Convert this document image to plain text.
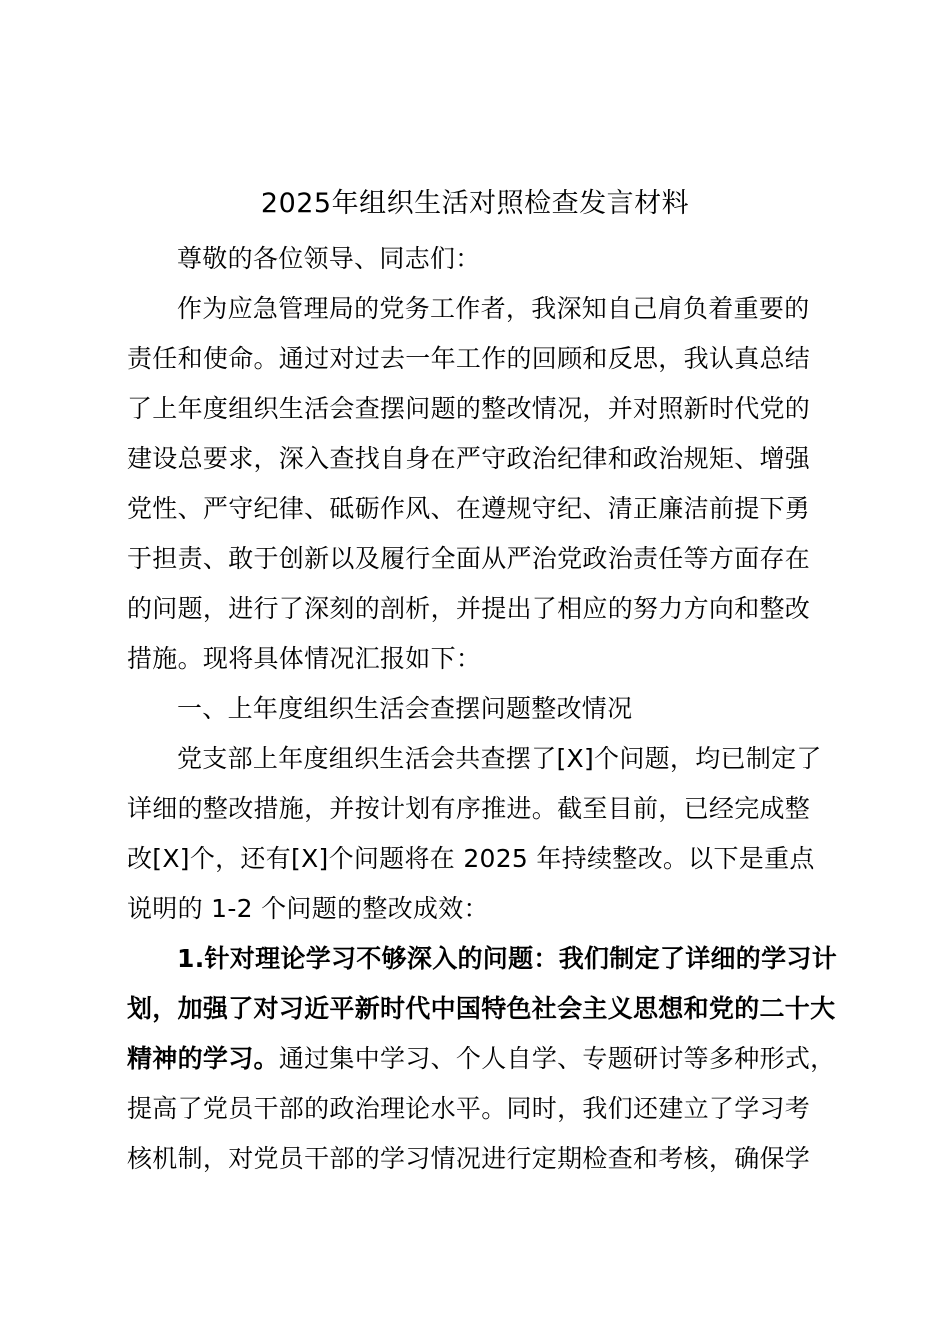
2025年组织生活对照检查发言材料
尊敬的各位领导、同志们：
作为应急管理局的党务工作者，我深知自己肩负着重要的
责任和使命。通过对过去一年工作的回顾和反思，我认真总结
了上年度组织生活会查摆问题的整改情况，并对照新时代党的
建设总要求，深入查找自身在严守政治纪律和政治规矩、增强
党性、严守纪律、砥砺作风、在遵规守纪、清正廉洁前提下勇
于担责、敢于创新以及履行全面从严治党政治责任等方面存在
的问题，进行了深刻的剖析，并提出了相应的努力方向和整改
措施。现将具体情况汇报如下：
一、上年度组织生活会查摆问题整改情况
党支部上年度组织生活会共查摆了[X]个问题，均已制定了
详细的整改措施，并按计划有序推进。截至目前，已经完成整
改[X]个，还有[X]个问题将在 2025 年持续整改。以下是重点
说明的 1-2 个问题的整改成效：
1.针对理论学习不够深入的问题：我们制定了详细的学习计
划，加强了对习近平新时代中国特色社会主义思想和党的二十大
精神的学习。通过集中学习、个人自学、专题研讨等多种形式，
提高了党员干部的政治理论水平。同时，我们还建立了学习考
核机制，对党员干部的学习情况进行定期检查和考核，确保学
